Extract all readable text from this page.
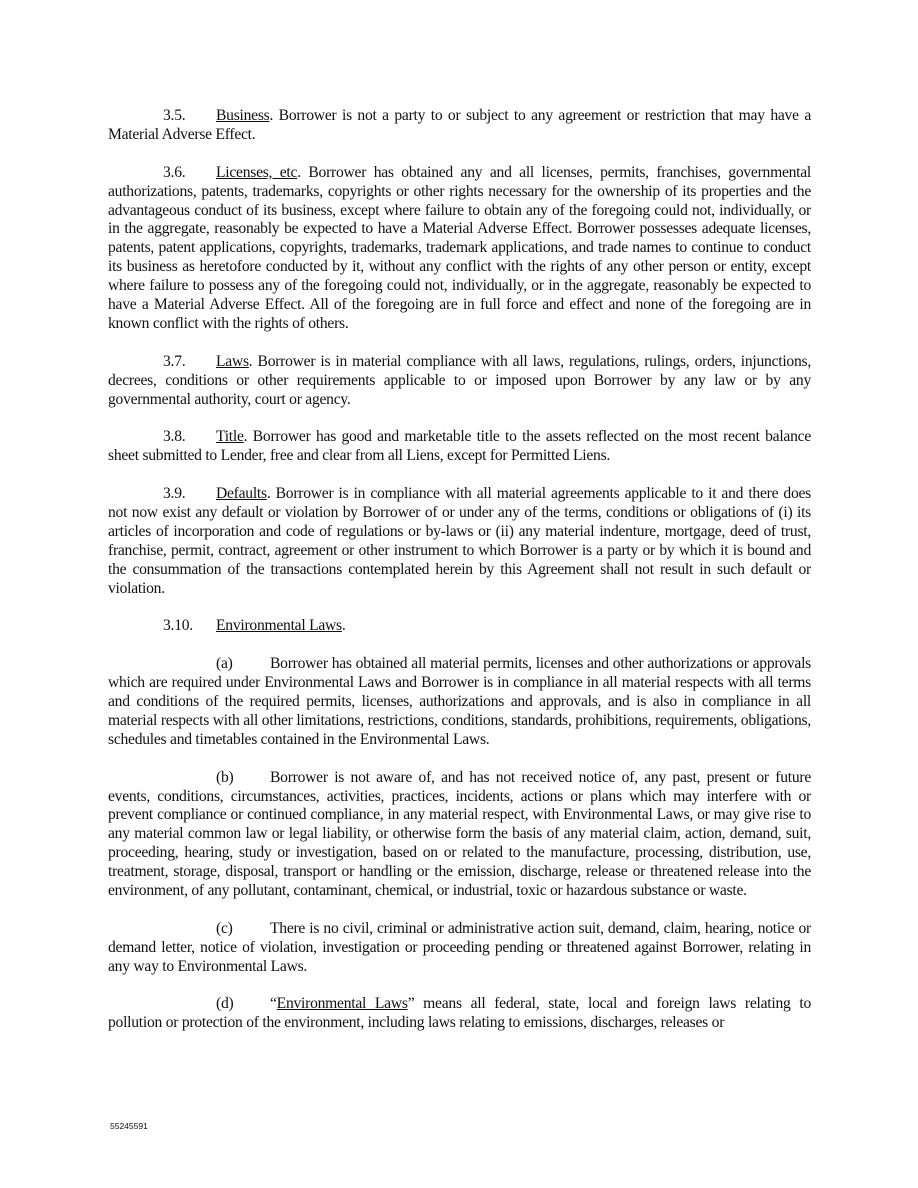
3.5. Business. Borrower is not a party to or subject to any agreement or restriction that may have a Material Adverse Effect.

3.6. Licenses, etc. Borrower has obtained any and all licenses, permits, franchises, governmental authorizations, patents, trademarks, copyrights or other rights necessary for the ownership of its properties and the advantageous conduct of its business, except where failure to obtain any of the foregoing could not, individually, or in the aggregate, reasonably be expected to have a Material Adverse Effect. Borrower possesses adequate licenses, patents, patent applications, copyrights, trademarks, trademark applications, and trade names to continue to conduct its business as heretofore conducted by it, without any conflict with the rights of any other person or entity, except where failure to possess any of the foregoing could not, individually, or in the aggregate, reasonably be expected to have a Material Adverse Effect. All of the foregoing are in full force and effect and none of the foregoing are in known conflict with the rights of others.

3.7. Laws. Borrower is in material compliance with all laws, regulations, rulings, orders, injunctions, decrees, conditions or other requirements applicable to or imposed upon Borrower by any law or by any governmental authority, court or agency.

3.8. Title. Borrower has good and marketable title to the assets reflected on the most recent balance sheet submitted to Lender, free and clear from all Liens, except for Permitted Liens.

3.9. Defaults. Borrower is in compliance with all material agreements applicable to it and there does not now exist any default or violation by Borrower of or under any of the terms, conditions or obligations of (i) its articles of incorporation and code of regulations or by-laws or (ii) any material indenture, mortgage, deed of trust, franchise, permit, contract, agreement or other instrument to which Borrower is a party or by which it is bound and the consummation of the transactions contemplated herein by this Agreement shall not result in such default or violation.

3.10. Environmental Laws.

(a) Borrower has obtained all material permits, licenses and other authorizations or approvals which are required under Environmental Laws and Borrower is in compliance in all material respects with all terms and conditions of the required permits, licenses, authorizations and approvals, and is also in compliance in all material respects with all other limitations, restrictions, conditions, standards, prohibitions, requirements, obligations, schedules and timetables contained in the Environmental Laws.

(b) Borrower is not aware of, and has not received notice of, any past, present or future events, conditions, circumstances, activities, practices, incidents, actions or plans which may interfere with or prevent compliance or continued compliance, in any material respect, with Environmental Laws, or may give rise to any material common law or legal liability, or otherwise form the basis of any material claim, action, demand, suit, proceeding, hearing, study or investigation, based on or related to the manufacture, processing, distribution, use, treatment, storage, disposal, transport or handling or the emission, discharge, release or threatened release into the environment, of any pollutant, contaminant, chemical, or industrial, toxic or hazardous substance or waste.

(c) There is no civil, criminal or administrative action suit, demand, claim, hearing, notice or demand letter, notice of violation, investigation or proceeding pending or threatened against Borrower, relating in any way to Environmental Laws.

(d) “Environmental Laws” means all federal, state, local and foreign laws relating to pollution or protection of the environment, including laws relating to emissions, discharges, releases or

55245591
